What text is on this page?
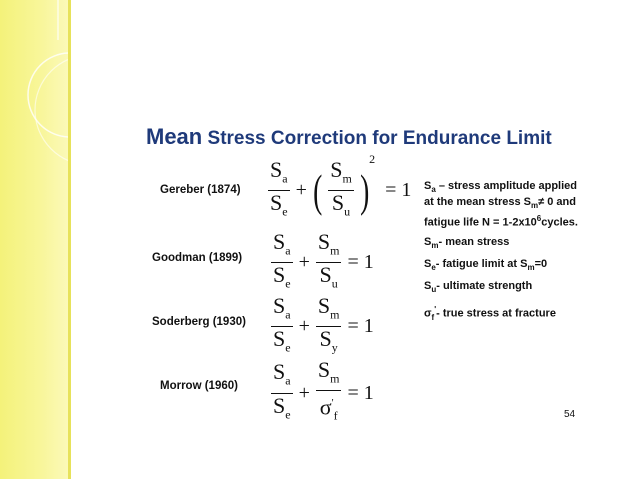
Mean Stress Correction for Endurance Limit
Gereber $(1874) \frac{S_a}{S_e}$ + ( $\frac{S_m}{S_u}$ )
2
= 1
Goodman $(1899) \frac{S_a}{S_e} + \frac{S_m}{S_u} = 1$
Soderberg $(1930) \frac{S_a}{S_e} + \frac{S_m}{S_y} = 1$
Morrow $(1960) \frac{S_a}{S_e} + \frac{S_m}{\sigma'_f} = 1$

$S_a$ – stress amplitude applied at the mean stress $S_m\ne 0$ and fatigue life $N = 1-2x10^6cycles$.

$S_m-$ mean stress

$S_e-$ fatigue limit at $S_m=0$

$S_u-$ ultimate strength

$\sigma_f'-$ true stress at fracture

54
